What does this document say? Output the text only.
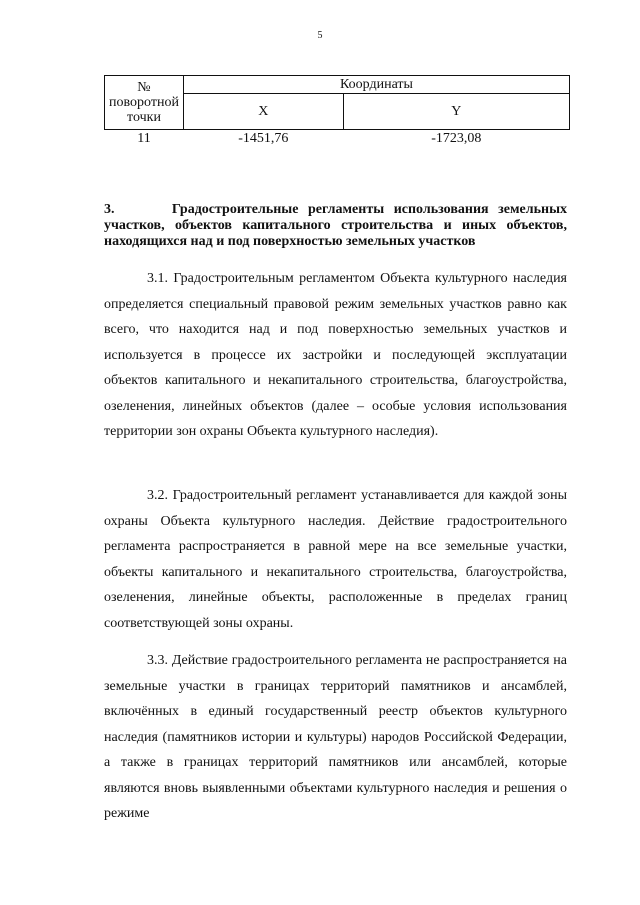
5
№
поворотной
точки	Координаты	
	X	Y
11	-1451,76	-1723,08

3.      Градостроительные регламенты использования земельных участков, объектов капитального строительства и иных объектов, находящихся над и под поверхностью земельных участков

3.1. Градостроительным регламентом Объекта культурного наследия определяется специальный правовой режим земельных участков равно как всего, что находится над и под поверхностью земельных участков и используется в процессе их застройки и последующей эксплуатации объектов капитального и некапитального строительства, благоустройства, озеленения, линейных объектов (далее – особые условия использования территории зон охраны Объекта культурного наследия).

3.2. Градостроительный регламент устанавливается для каждой зоны охраны Объекта культурного наследия. Действие градостроительного регламента распространяется в равной мере на все земельные участки, объекты капитального и некапитального строительства, благоустройства, озеленения, линейные объекты, расположенные в пределах границ соответствующей зоны охраны.

3.3. Действие градостроительного регламента не распространяется на земельные участки в границах территорий памятников и ансамблей, включённых в единый государственный реестр объектов культурного наследия (памятников истории и культуры) народов Российской Федерации, а также в границах территорий памятников или ансамблей, которые являются вновь выявленными объектами культурного наследия и решения о режиме
